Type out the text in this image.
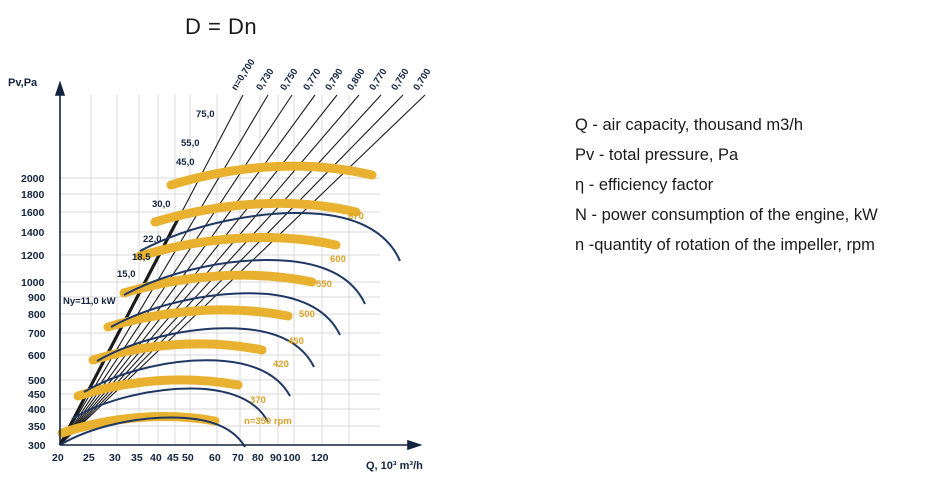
D = Dn
Pv,Pa
Q, 10³ m³/h
300
350
400
450
500
600
700
800
900
1000
1200
1400
1600
1800
2000
20 25 30 35 40 45 50 60 70 80 90 100 120
n=0,700
0,730 0,750 0,770 0,790 0,800 0,770 0,750 0,700
75,0
55,0
45,0
30,0
22,0
18,5
15,0
Ny=11,0 kW
670
600
550
500
450
420
370
n=350 rpm
Q - air capacity, thousand m3/h
Pv - total pressure, Pa
η - efficiency factor
N - power consumption of the engine, kW
n -quantity of rotation of the impeller, rpm
